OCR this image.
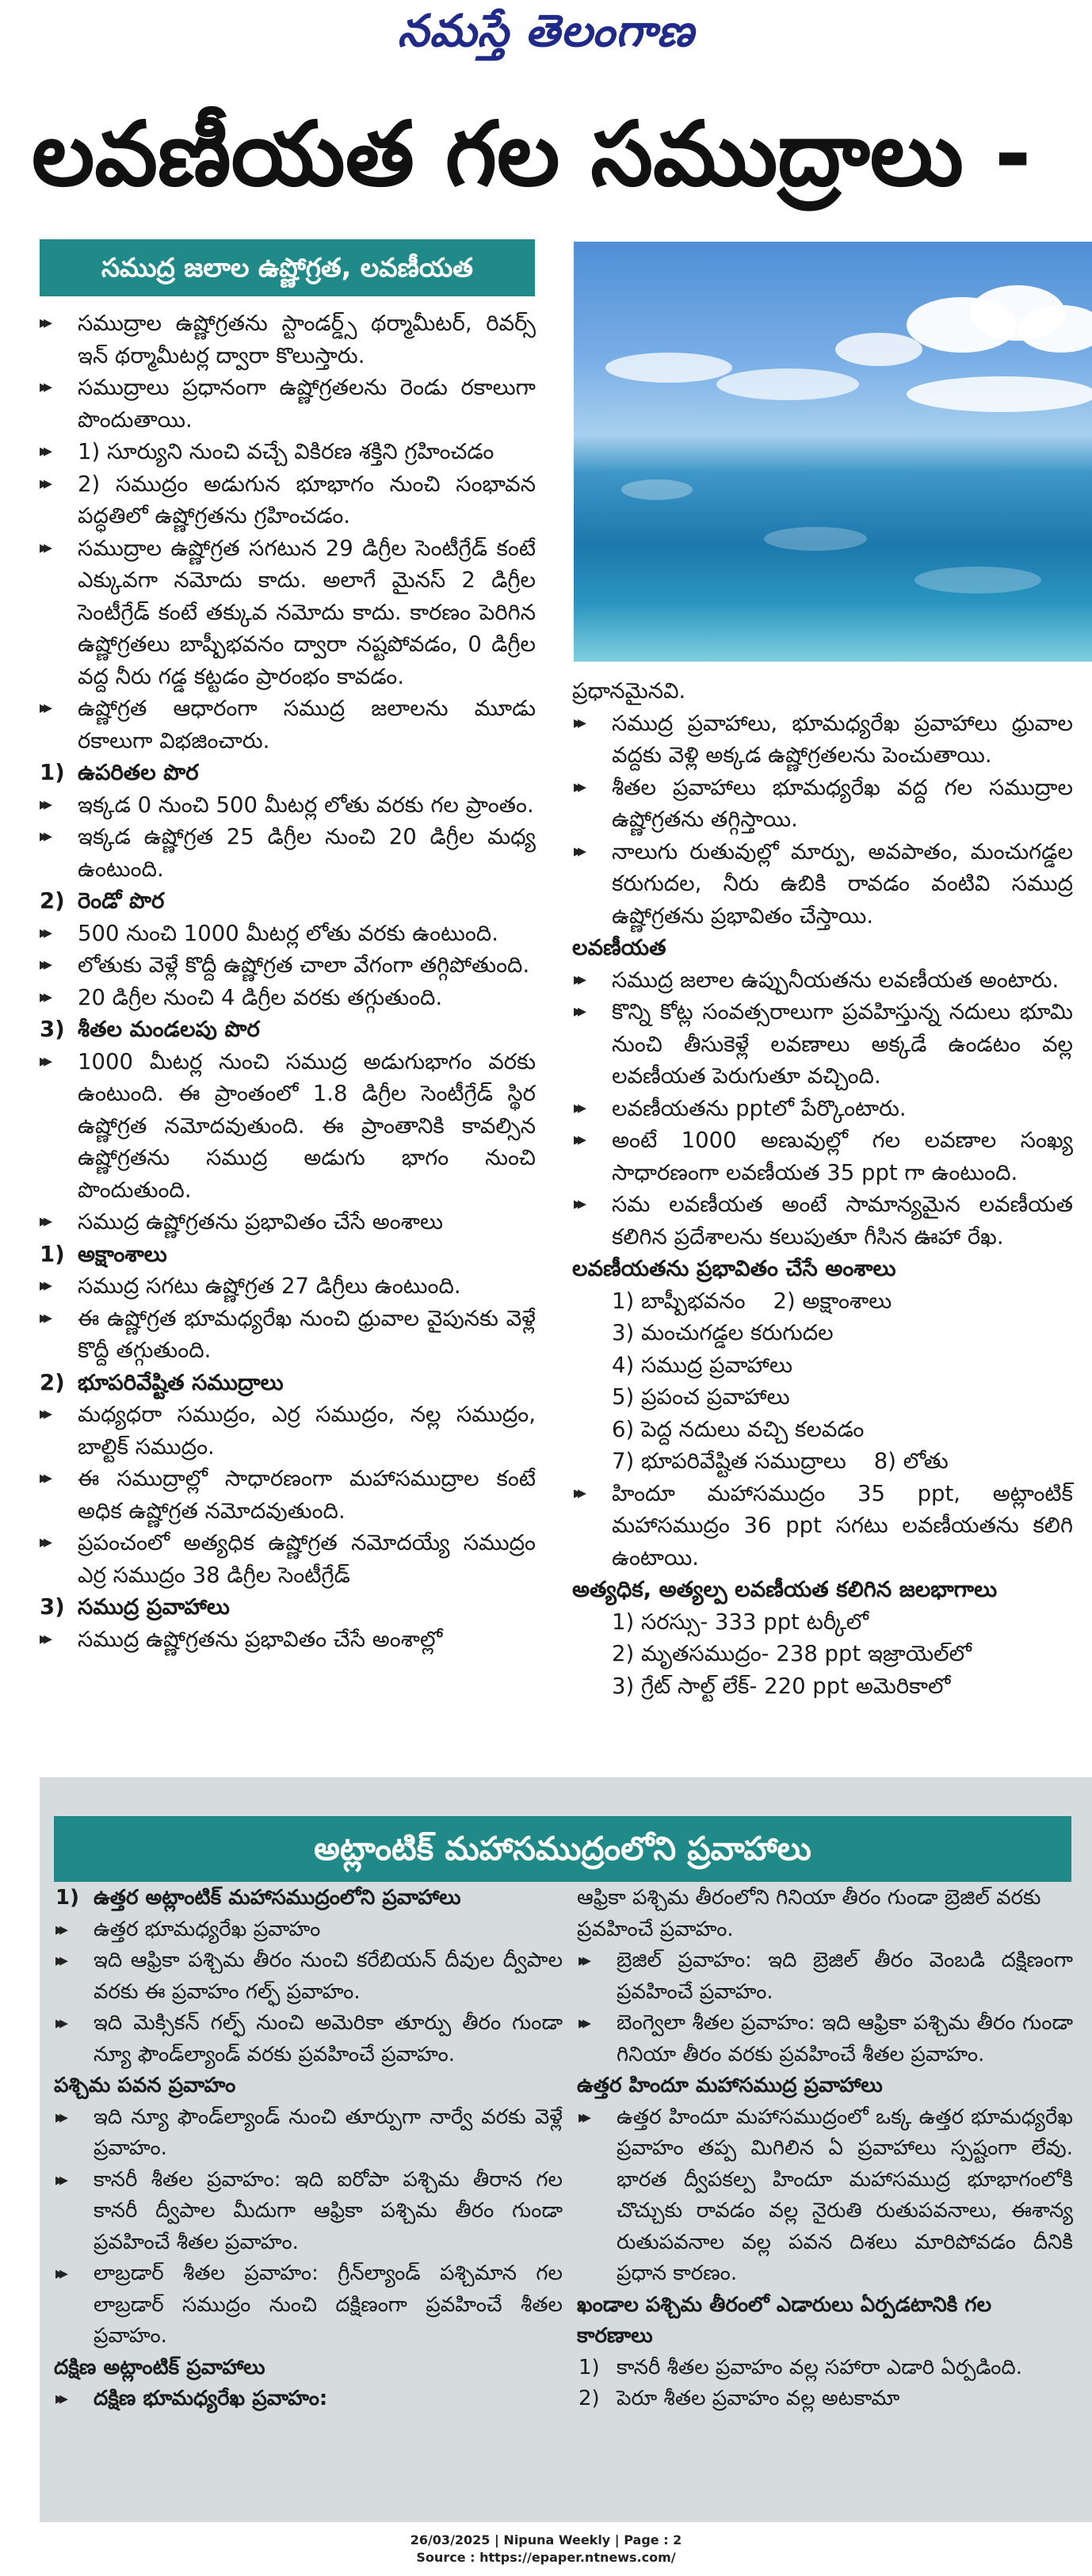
నమస్తే తెలంగాణ
లవణీయత గల సముద్రాలు -
సముద్ర జలాల ఉష్ణోగ్రత, లవణీయత
▸▸ సముద్రాల ఉష్ణోగ్రతను స్టాండర్డ్స్ థర్మామీటర్, రివర్స్ ఇన్ థర్మామీటర్ల ద్వారా కొలుస్తారు.
▸▸ సముద్రాలు ప్రధానంగా ఉష్ణోగ్రతలను రెండు రకాలుగా పొందుతాయి.
▸▸ 1) సూర్యుని నుంచి వచ్చే వికిరణ శక్తిని గ్రహించడం
▸▸ 2) సముద్రం అడుగున భూభాగం నుంచి సంభావన పద్ధతిలో ఉష్ణోగ్రతను గ్రహించడం.
▸▸ సముద్రాల ఉష్ణోగ్రత సగటున 29 డిగ్రీల సెంటీగ్రేడ్ కంటే ఎక్కువగా నమోదు కాదు. అలాగే మైనస్ 2 డిగ్రీల సెంటీగ్రేడ్ కంటే తక్కువ నమోదు కాదు. కారణం పెరిగిన ఉష్ణోగ్రతలు బాష్పీభవనం ద్వారా నష్టపోవడం, 0 డిగ్రీల వద్ద నీరు గడ్డ కట్టడం ప్రారంభం కావడం.
▸▸ ఉష్ణోగ్రత ఆధారంగా సముద్ర జలాలను మూడు రకాలుగా విభజించారు.
1) ఉపరితల పొర
▸▸ ఇక్కడ 0 నుంచి 500 మీటర్ల లోతు వరకు గల ప్రాంతం.
▸▸ ఇక్కడ ఉష్ణోగ్రత 25 డిగ్రీల నుంచి 20 డిగ్రీల మధ్య ఉంటుంది.
2) రెండో పొర
▸▸ 500 నుంచి 1000 మీటర్ల లోతు వరకు ఉంటుంది.
▸▸ లోతుకు వెళ్లే కొద్దీ ఉష్ణోగ్రత చాలా వేగంగా తగ్గిపోతుంది.
▸▸ 20 డిగ్రీల నుంచి 4 డిగ్రీల వరకు తగ్గుతుంది.
3) శీతల మండలపు పొర
▸▸ 1000 మీటర్ల నుంచి సముద్ర అడుగుభాగం వరకు ఉంటుంది. ఈ ప్రాంతంలో 1.8 డిగ్రీల సెంటీగ్రేడ్ స్థిర ఉష్ణోగ్రత నమోదవుతుంది. ఈ ప్రాంతానికి కావల్సిన ఉష్ణోగ్రతను సముద్ర అడుగు భాగం నుంచి పొందుతుంది.
▸▸ సముద్ర ఉష్ణోగ్రతను ప్రభావితం చేసే అంశాలు
1) అక్షాంశాలు
▸▸ సముద్ర సగటు ఉష్ణోగ్రత 27 డిగ్రీలు ఉంటుంది.
▸▸ ఈ ఉష్ణోగ్రత భూమధ్యరేఖ నుంచి ధ్రువాల వైపునకు వెళ్లే కొద్దీ తగ్గుతుంది.
2) భూపరివేష్టిత సముద్రాలు
▸▸ మధ్యధరా సముద్రం, ఎర్ర సముద్రం, నల్ల సముద్రం, బాల్టిక్ సముద్రం.
▸▸ ఈ సముద్రాల్లో సాధారణంగా మహాసముద్రాల కంటే అధిక ఉష్ణోగ్రత నమోదవుతుంది.
▸▸ ప్రపంచంలో అత్యధిక ఉష్ణోగ్రత నమోదయ్యే సముద్రం ఎర్ర సముద్రం 38 డిగ్రీల సెంటీగ్రేడ్
3) సముద్ర ప్రవాహాలు
▸▸ సముద్ర ఉష్ణోగ్రతను ప్రభావితం చేసే అంశాల్లో
ప్రధానమైనవి.
▸▸ సముద్ర ప్రవాహాలు, భూమధ్యరేఖ ప్రవాహాలు ధ్రువాల వద్దకు వెళ్లి అక్కడ ఉష్ణోగ్రతలను పెంచుతాయి.
▸▸ శీతల ప్రవాహాలు భూమధ్యరేఖ వద్ద గల సముద్రాల ఉష్ణోగ్రతను తగ్గిస్తాయి.
▸▸ నాలుగు రుతువుల్లో మార్పు, అవపాతం, మంచుగడ్డల కరుగుదల, నీరు ఉబికి రావడం వంటివి సముద్ర ఉష్ణోగ్రతను ప్రభావితం చేస్తాయి.
లవణీయత
▸▸ సముద్ర జలాల ఉప్పునీయతను లవణీయత అంటారు.
▸▸ కొన్ని కోట్ల సంవత్సరాలుగా ప్రవహిస్తున్న నదులు భూమి నుంచి తీసుకెళ్లే లవణాలు అక్కడే ఉండటం వల్ల లవణీయత పెరుగుతూ వచ్చింది.
▸▸ లవణీయతను pptలో పేర్కొంటారు.
▸▸ అంటే 1000 అణువుల్లో గల లవణాల సంఖ్య సాధారణంగా లవణీయత 35 ppt గా ఉంటుంది.
▸▸ సమ లవణీయత అంటే సామాన్యమైన లవణీయత కలిగిన ప్రదేశాలను కలుపుతూ గీసిన ఊహా రేఖ.
లవణీయతను ప్రభావితం చేసే అంశాలు
1) బాష్పీభవనం    2) అక్షాంశాలు
3) మంచుగడ్డల కరుగుదల
4) సముద్ర ప్రవాహాలు
5) ప్రపంచ ప్రవాహాలు
6) పెద్ద నదులు వచ్చి కలవడం
7) భూపరివేష్టిత సముద్రాలు    8) లోతు
▸▸ హిందూ మహాసముద్రం 35 ppt, అట్లాంటిక్ మహాసముద్రం 36 ppt సగటు లవణీయతను కలిగి ఉంటాయి.
అత్యధిక, అత్యల్ప లవణీయత కలిగిన జలభాగాలు
1) సరస్సు- 333 ppt టర్కీలో
2) మృతసముద్రం- 238 ppt ఇజ్రాయెల్‌లో
3) గ్రేట్ సాల్ట్ లేక్- 220 ppt అమెరికాలో
అట్లాంటిక్ మహాసముద్రంలోని ప్రవాహాలు
1) ఉత్తర అట్లాంటిక్ మహాసముద్రంలోని ప్రవాహాలు
▸▸ ఉత్తర భూమధ్యరేఖ ప్రవాహం
▸▸ ఇది ఆఫ్రికా పశ్చిమ తీరం నుంచి కరేబియన్ దీవుల ద్వీపాల వరకు ఈ ప్రవాహం గల్ఫ్ ప్రవాహం.
▸▸ ఇది మెక్సికన్ గల్ఫ్ నుంచి అమెరికా తూర్పు తీరం గుండా న్యూ ఫౌండ్‌ల్యాండ్ వరకు ప్రవహించే ప్రవాహం.
పశ్చిమ పవన ప్రవాహం
▸▸ ఇది న్యూ ఫౌండ్‌ల్యాండ్ నుంచి తూర్పుగా నార్వే వరకు వెళ్లే ప్రవాహం.
▸▸ కానరీ శీతల ప్రవాహం: ఇది ఐరోపా పశ్చిమ తీరాన గల కానరీ ద్వీపాల మీదుగా ఆఫ్రికా పశ్చిమ తీరం గుండా ప్రవహించే శీతల ప్రవాహం.
▸▸ లాబ్రడార్ శీతల ప్రవాహం: గ్రీన్‌ల్యాండ్ పశ్చిమాన గల లాబ్రడార్ సముద్రం నుంచి దక్షిణంగా ప్రవహించే శీతల ప్రవాహం.
దక్షిణ అట్లాంటిక్ ప్రవాహాలు
▸▸ దక్షిణ భూమధ్యరేఖ ప్రవాహం:
ఆఫ్రికా పశ్చిమ తీరంలోని గినియా తీరం గుండా బ్రెజిల్ వరకు ప్రవహించే ప్రవాహం.
▸▸ బ్రెజిల్ ప్రవాహం: ఇది బ్రెజిల్ తీరం వెంబడి దక్షిణంగా ప్రవహించే ప్రవాహం.
▸▸ బెంగ్వెలా శీతల ప్రవాహం: ఇది ఆఫ్రికా పశ్చిమ తీరం గుండా గినియా తీరం వరకు ప్రవహించే శీతల ప్రవాహం.
ఉత్తర హిందూ మహాసముద్ర ప్రవాహాలు
▸▸ ఉత్తర హిందూ మహాసముద్రంలో ఒక్క ఉత్తర భూమధ్యరేఖ ప్రవాహం తప్ప మిగిలిన ఏ ప్రవాహాలు స్పష్టంగా లేవు. భారత ద్వీపకల్ప హిందూ మహాసముద్ర భూభాగంలోకి చొచ్చుకు రావడం వల్ల నైరుతి రుతుపవనాలు, ఈశాన్య రుతుపవనాల వల్ల పవన దిశలు మారిపోవడం దీనికి ప్రధాన కారణం.
ఖండాల పశ్చిమ తీరంలో ఎడారులు ఏర్పడటానికి గల కారణాలు
1) కానరీ శీతల ప్రవాహం వల్ల సహారా ఎడారి ఏర్పడింది.
2) పెరూ శీతల ప్రవాహం వల్ల అటకామా
26/03/2025 | Nipuna Weekly | Page : 2
Source : https://epaper.ntnews.com/
